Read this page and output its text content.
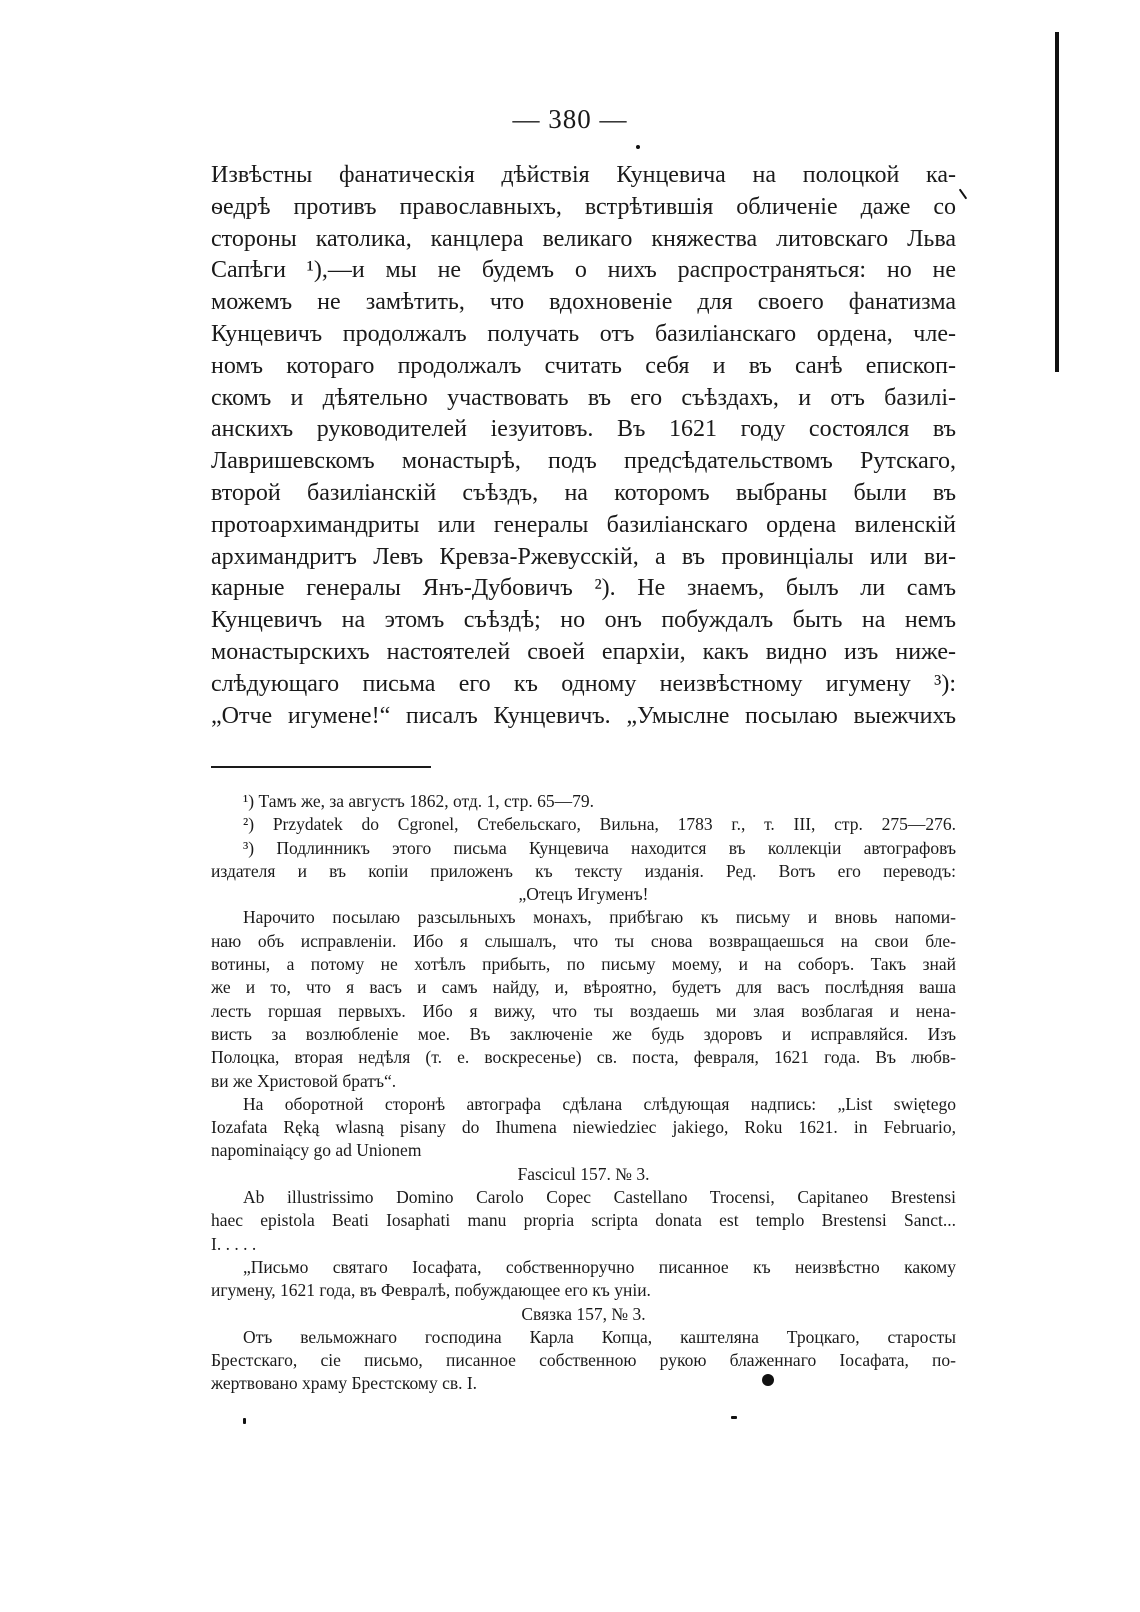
— 380 —
Извѣстны фанатическія дѣйствія Кунцевича на полоцкой ка-
ѳедрѣ противъ православныхъ, встрѣтившія обличеніе даже со
стороны католика, канцлера великаго княжества литовскаго Льва
Сапѣги ¹),—и мы не будемъ о нихъ распространяться: но не
можемъ не замѣтить, что вдохновеніе для своего фанатизма
Кунцевичъ продолжалъ получать отъ базиліанскаго ордена, чле-
номъ котораго продолжалъ считать себя и въ санѣ епископ-
скомъ и дѣятельно участвовать въ его съѣздахъ, и отъ базилі-
анскихъ руководителей іезуитовъ. Въ 1621 году состоялся въ
Лавришевскомъ монастырѣ, подъ предсѣдательствомъ Рутскаго,
второй базиліанскій съѣздъ, на которомъ выбраны были въ
протоархимандриты или генералы базиліанскаго ордена виленскій
архимандритъ Левъ Кревза-Ржевусскій, а въ провинціалы или ви-
карные генералы Янъ-Дубовичъ ²). Не знаемъ, былъ ли самъ
Кунцевичъ на этомъ съѣздѣ; но онъ побуждалъ быть на немъ
монастырскихъ настоятелей своей епархіи, какъ видно изъ ниже-
слѣдующаго письма его къ одному неизвѣстному игумену ³):
„Отче игумене!“ писалъ Кунцевичъ. „Умыслне посылаю выежчихъ
¹) Тамъ же, за августъ 1862, отд. 1, стр. 65—79.
²) Przydatek do Cgronel, Стебельскаго, Вильна, 1783 г., т. III, стр. 275—276.
³) Подлинникъ этого письма Кунцевича находится въ коллекціи автографовъ
издателя и въ копіи приложенъ къ тексту изданія. Ред. Вотъ его переводъ:
„Отецъ Игуменъ!
Нарочито посылаю разсыльныхъ монахъ, прибѣгаю къ письму и вновь напоми-
наю объ исправленіи. Ибо я слышалъ, что ты снова возвращаешься на свои бле-
вотины, а потому не хотѣлъ прибыть, по письму моему, и на соборъ. Такъ знай
же и то, что я васъ и самъ найду, и, вѣроятно, будетъ для васъ послѣдняя ваша
лесть горшая первыхъ. Ибо я вижу, что ты воздаешь ми злая возблагая и нена-
висть за возлюбленіе мое. Въ заключеніе же будь здоровъ и исправляйся. Изъ
Полоцка, вторая недѣля (т. е. воскресенье) св. поста, февраля, 1621 года. Въ любв-
ви же Христовой братъ“.
На оборотной сторонѣ автографа сдѣлана слѣдующая надпись: „List swiętego
Iozafata Ręką wlasną pisany do Ihumena niewiedziec jakiego, Roku 1621. in Februario,
napominaiący go ad Unionem
Fascicul 157. № 3.
Ab illustrissimo Domino Carolo Copec Castellano Trocensi, Capitaneo Brestensi
haec epistola Beati Iosaphati manu propria scripta donata est templo Brestensi Sanct...
I. . . . .
„Письмо святаго Іосафата, собственноручно писанное къ неизвѣстно какому
игумену, 1621 года, въ Февралѣ, побуждающее его къ уніи.
Связка 157, № 3.
Отъ вельможнаго господина Карла Копца, каштеляна Троцкаго, старосты
Брестскаго, сіе письмо, писанное собственною рукою блаженнаго Іосафата, по-
жертвовано храму Брестскому св. I.
